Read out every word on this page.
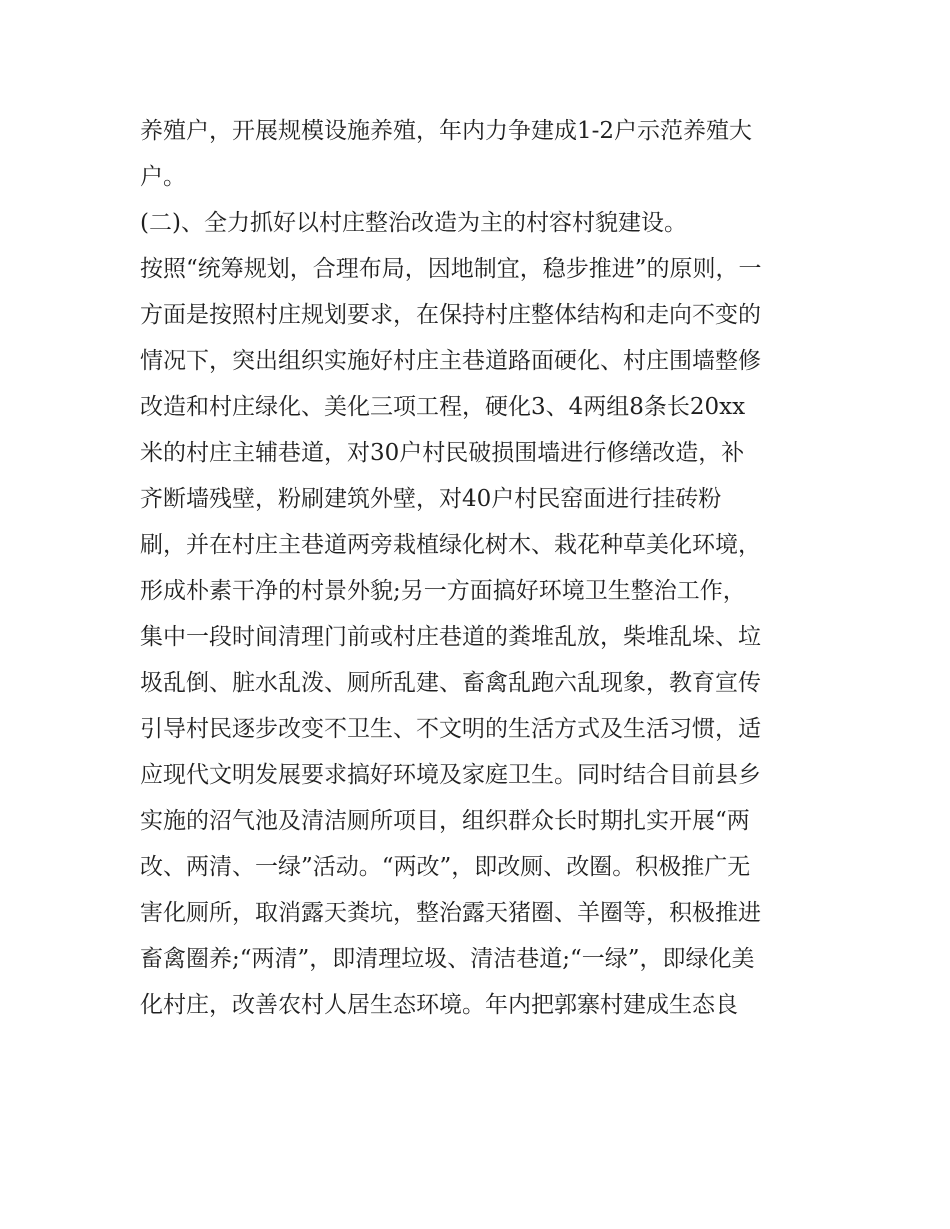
养殖户，开展规模设施养殖，年内力争建成1-2户示范养殖大
户。
(二)、全力抓好以村庄整治改造为主的村容村貌建设。
按照“统筹规划，合理布局，因地制宜，稳步推进”的原则，一
方面是按照村庄规划要求，在保持村庄整体结构和走向不变的
情况下，突出组织实施好村庄主巷道路面硬化、村庄围墙整修
改造和村庄绿化、美化三项工程，硬化3、4两组8条长20xx
米的村庄主辅巷道，对30户村民破损围墙进行修缮改造，补
齐断墙残壁，粉刷建筑外壁，对40户村民窑面进行挂砖粉
刷，并在村庄主巷道两旁栽植绿化树木、栽花种草美化环境，
形成朴素干净的村景外貌;另一方面搞好环境卫生整治工作，
集中一段时间清理门前或村庄巷道的粪堆乱放，柴堆乱垛、垃
圾乱倒、脏水乱泼、厕所乱建、畜禽乱跑六乱现象，教育宣传
引导村民逐步改变不卫生、不文明的生活方式及生活习惯，适
应现代文明发展要求搞好环境及家庭卫生。同时结合目前县乡
实施的沼气池及清洁厕所项目，组织群众长时期扎实开展“两
改、两清、一绿”活动。“两改”，即改厕、改圈。积极推广无
害化厕所，取消露天粪坑，整治露天猪圈、羊圈等，积极推进
畜禽圈养;“两清”，即清理垃圾、清洁巷道;“一绿”，即绿化美
化村庄，改善农村人居生态环境。年内把郭寨村建成生态良
